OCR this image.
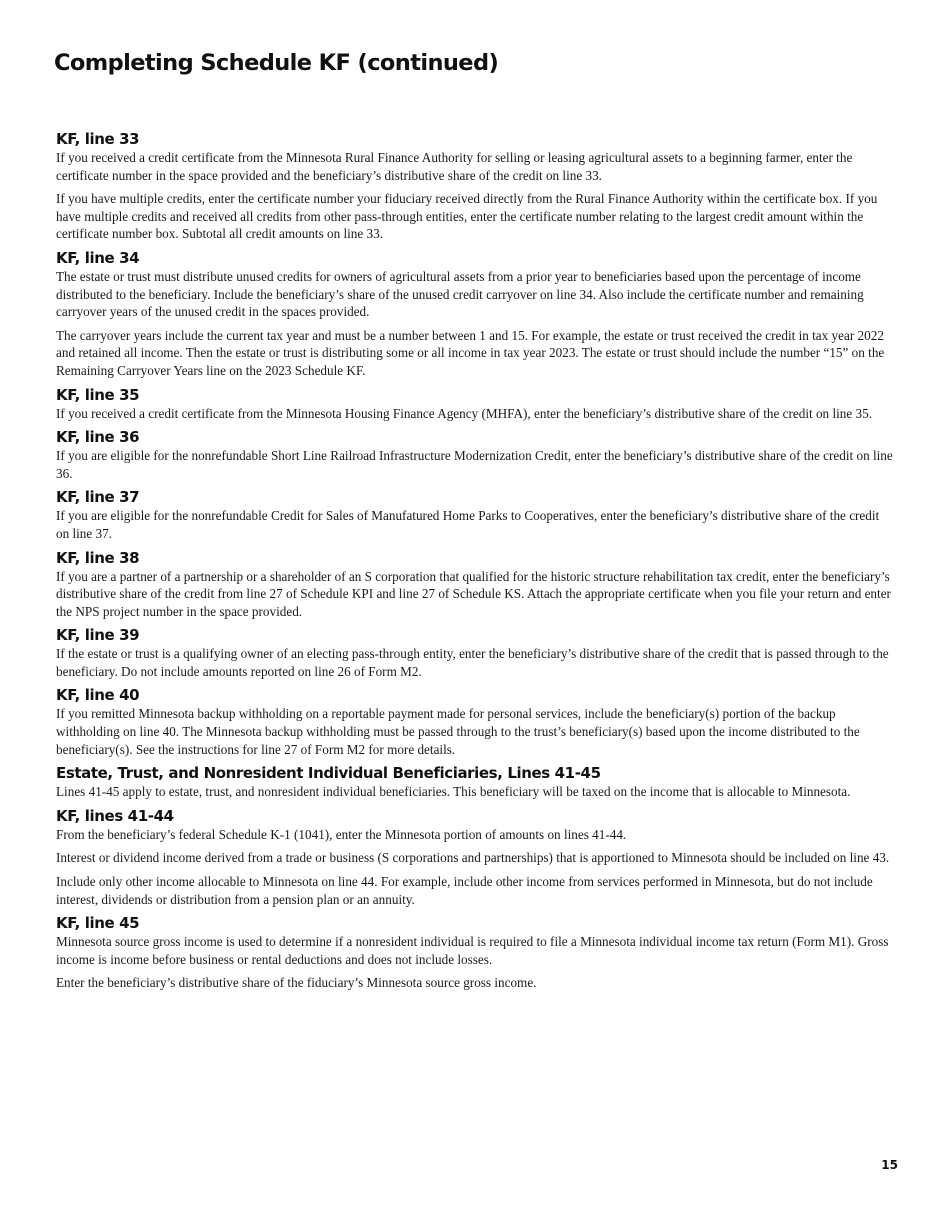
Completing Schedule KF (continued)
KF, line 33

If you received a credit certificate from the Minnesota Rural Finance Authority for selling or leasing agricultural assets to a beginning farmer, enter the certificate number in the space provided and the beneficiary’s distributive share of the credit on line 33.

If you have multiple credits, enter the certificate number your fiduciary received directly from the Rural Finance Authority within the certificate box. If you have multiple credits and received all credits from other pass-through entities, enter the certificate number relating to the largest credit amount within the certificate number box. Subtotal all credit amounts on line 33.

KF, line 34

The estate or trust must distribute unused credits for owners of agricultural assets from a prior year to beneficiaries based upon the percentage of income distributed to the beneficiary. Include the beneficiary’s share of the unused credit carryover on line 34. Also include the certificate number and remaining carryover years of the unused credit in the spaces provided.

The carryover years include the current tax year and must be a number between 1 and 15. For example, the estate or trust received the credit in tax year 2022 and retained all income. Then the estate or trust is distributing some or all income in tax year 2023. The estate or trust should include the number “15” on the Remaining Carryover Years line on the 2023 Schedule KF.

KF, line 35

If you received a credit certificate from the Minnesota Housing Finance Agency (MHFA), enter the beneficiary’s distributive share of the credit on line 35.

KF, line 36

If you are eligible for the nonrefundable Short Line Railroad Infrastructure Modernization Credit, enter the beneficiary’s distributive share of the credit on line 36.

KF, line 37

If you are eligible for the nonrefundable Credit for Sales of Manufatured Home Parks to Cooperatives, enter the beneficiary’s distributive share of the credit on line 37.

KF, line 38

If you are a partner of a partnership or a shareholder of an S corporation that qualified for the historic structure rehabilitation tax credit, enter the beneficiary’s distributive share of the credit from line 27 of Schedule KPI and line 27 of Schedule KS. Attach the appropriate certificate when you file your return and enter the NPS project number in the space provided.

KF, line 39

If the estate or trust is a qualifying owner of an electing pass-through entity, enter the beneficiary’s distributive share of the credit that is passed through to the beneficiary. Do not include amounts reported on line 26 of Form M2.

KF, line 40

If you remitted Minnesota backup withholding on a reportable payment made for personal services, include the beneficiary(s) portion of the backup withholding on line 40. The Minnesota backup withholding must be passed through to the trust’s beneficiary(s) based upon the income distributed to the beneficiary(s). See the instructions for line 27 of Form M2 for more details.

Estate, Trust, and Nonresident Individual Beneficiaries, Lines 41-45

Lines 41-45 apply to estate, trust, and nonresident individual beneficiaries. This beneficiary will be taxed on the income that is allocable to Minnesota.

KF, lines 41-44

From the beneficiary’s federal Schedule K-1 (1041), enter the Minnesota portion of amounts on lines 41-44.

Interest or dividend income derived from a trade or business (S corporations and partnerships) that is apportioned to Minnesota should be included on line 43.

Include only other income allocable to Minnesota on line 44. For example, include other income from services performed in Minnesota, but do not include interest, dividends or distribution from a pension plan or an annuity.

KF, line 45

Minnesota source gross income is used to determine if a nonresident individual is required to file a Minnesota individual income tax return (Form M1). Gross income is income before business or rental deductions and does not include losses.

Enter the beneficiary’s distributive share of the fiduciary’s Minnesota source gross income.

15
